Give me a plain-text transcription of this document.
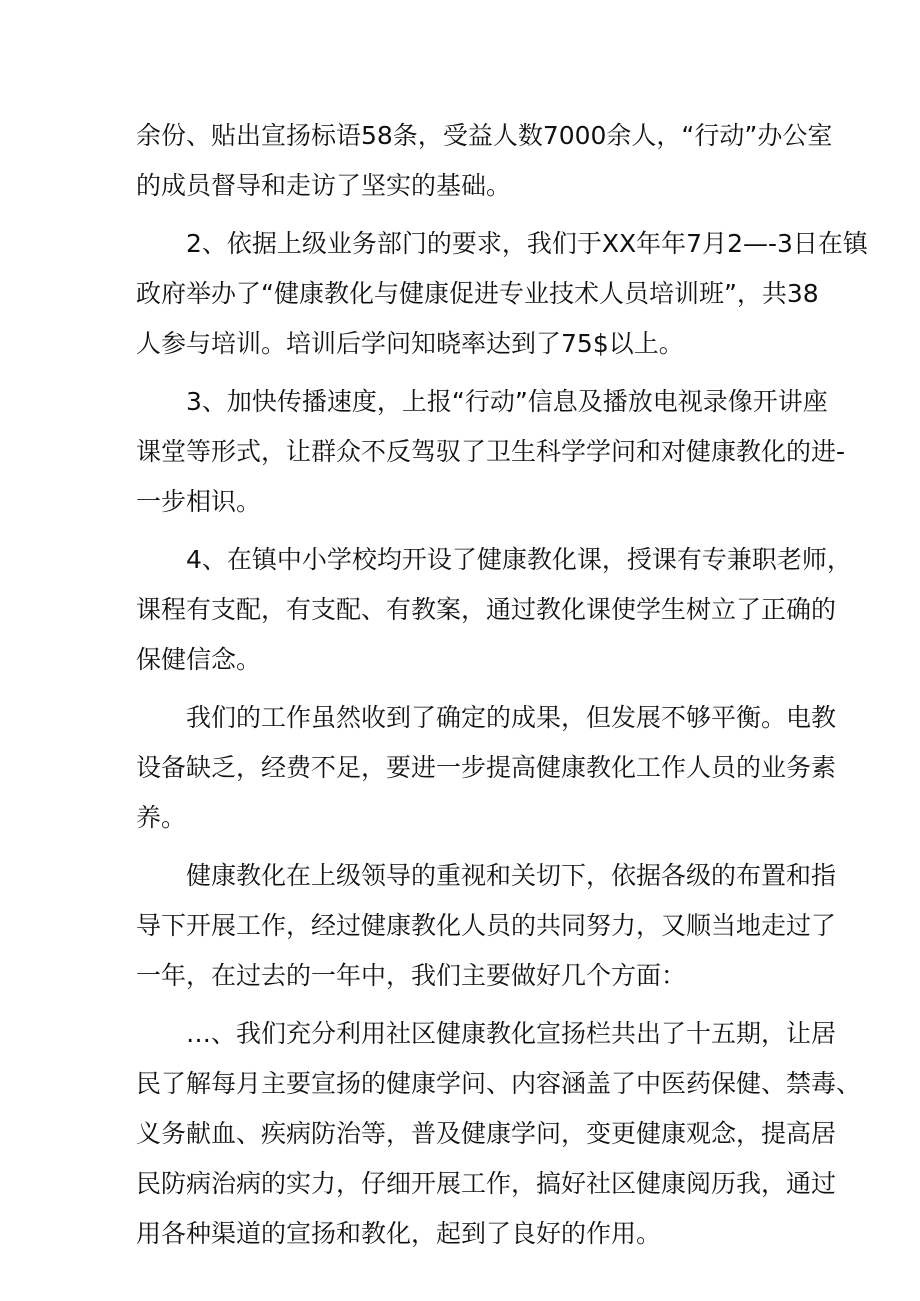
余份、贴出宣扬标语58条，受益人数7000余人，“行动”办公室
的成员督导和走访了坚实的基础。
2、依据上级业务部门的要求，我们于XX年年7月2—-3日在镇
政府举办了“健康教化与健康促进专业技术人员培训班”，共38
人参与培训。培训后学问知晓率达到了75$以上。
3、加快传播速度，上报“行动”信息及播放电视录像开讲座
课堂等形式，让群众不反驾驭了卫生科学学问和对健康教化的进-
一步相识。
4、在镇中小学校均开设了健康教化课，授课有专兼职老师，
课程有支配，有支配、有教案，通过教化课使学生树立了正确的
保健信念。
我们的工作虽然收到了确定的成果，但发展不够平衡。电教
设备缺乏，经费不足，要进一步提高健康教化工作人员的业务素
养。
健康教化在上级领导的重视和关切下，依据各级的布置和指
导下开展工作，经过健康教化人员的共同努力，又顺当地走过了
一年，在过去的一年中，我们主要做好几个方面：
…、我们充分利用社区健康教化宣扬栏共出了十五期，让居
民了解每月主要宣扬的健康学问、内容涵盖了中医药保健、禁毒、
义务献血、疾病防治等，普及健康学问，变更健康观念，提高居
民防病治病的实力，仔细开展工作，搞好社区健康阅历我，通过
用各种渠道的宣扬和教化，起到了良好的作用。
